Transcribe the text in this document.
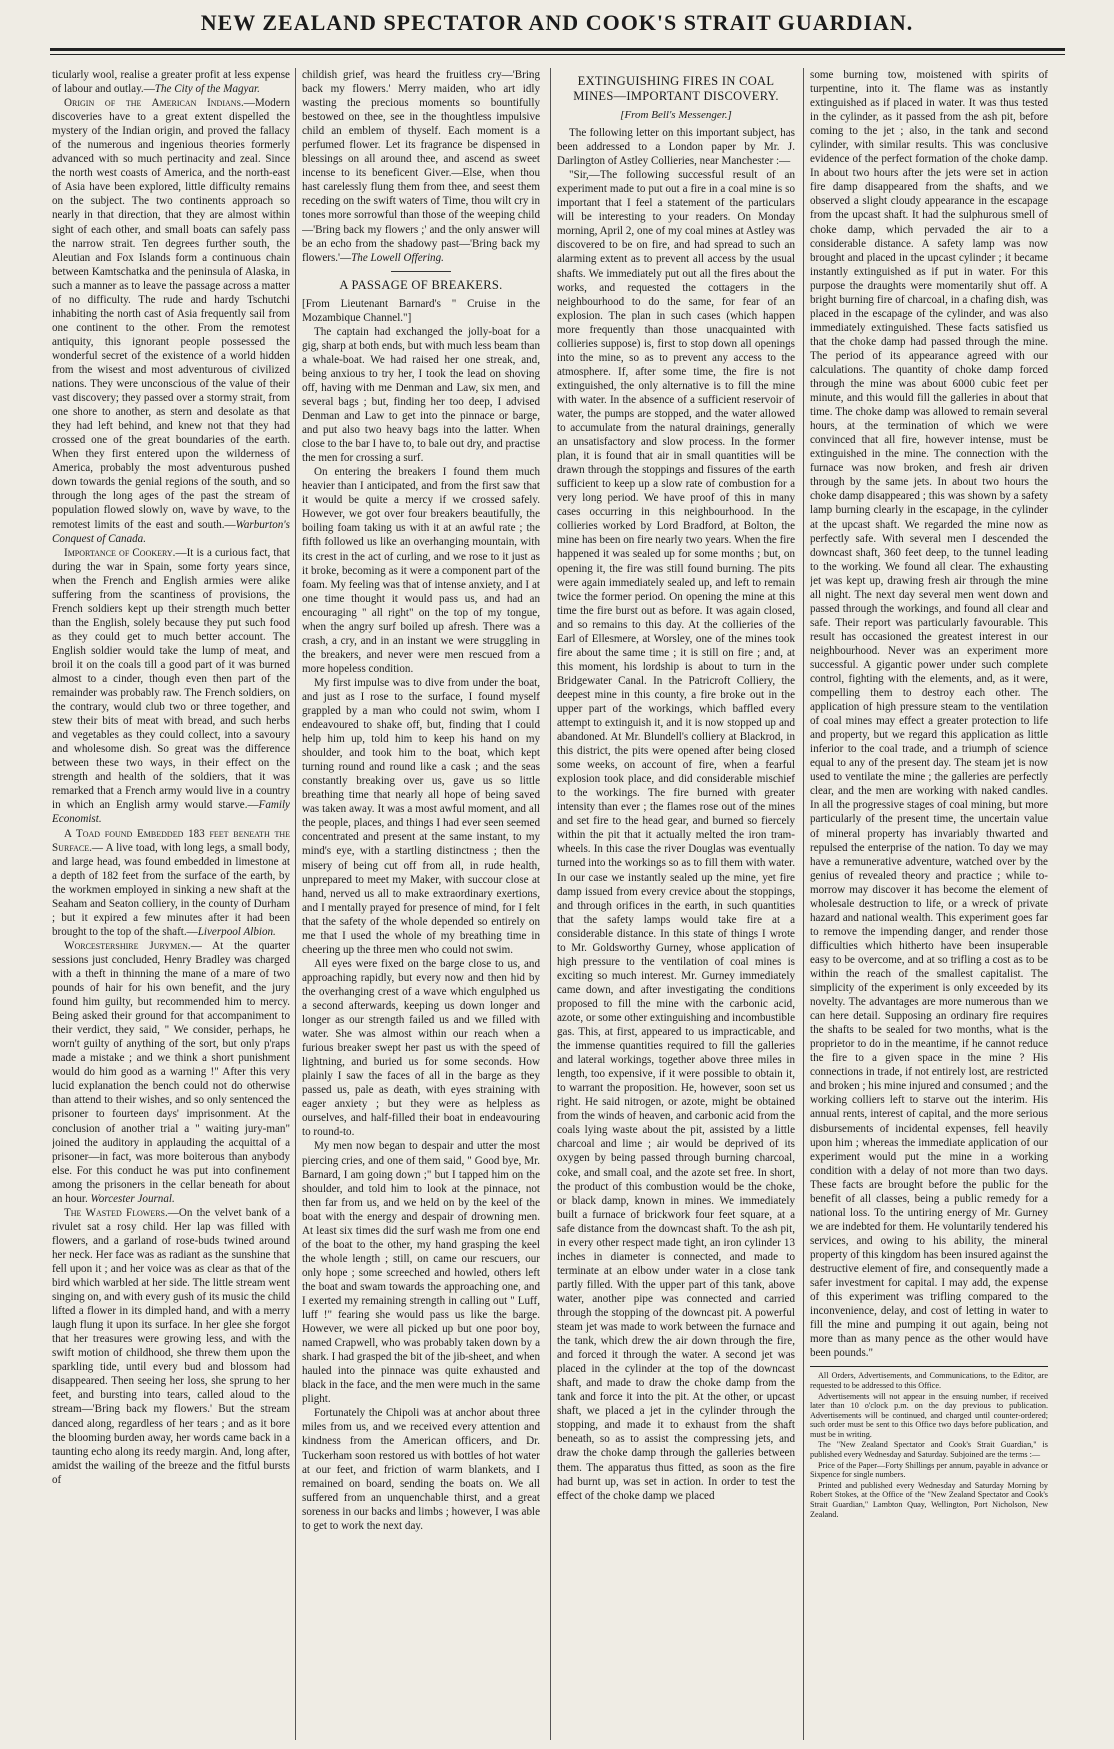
NEW ZEALAND SPECTATOR AND COOK'S STRAIT GUARDIAN.

ticularly wool, realise a greater profit at less expense of labour and outlay.—The City of the Magyar.

Origin of the American Indians.—Modern discoveries have to a great extent dispelled the mystery of the Indian origin, and proved the fallacy of the numerous and ingenious theories formerly advanced with so much pertinacity and zeal. Since the north west coasts of America, and the north-east of Asia have been explored, little difficulty remains on the subject. The two continents approach so nearly in that direction, that they are almost within sight of each other, and small boats can safely pass the narrow strait. Ten degrees further south, the Aleutian and Fox Islands form a continuous chain between Kamtschatka and the peninsula of Alaska, in such a manner as to leave the passage across a matter of no difficulty. The rude and hardy Tschutchi inhabiting the north cast of Asia frequently sail from one continent to the other. From the remotest antiquity, this ignorant people possessed the wonderful secret of the existence of a world hidden from the wisest and most adventurous of civilized nations. They were unconscious of the value of their vast discovery; they passed over a stormy strait, from one shore to another, as stern and desolate as that they had left behind, and knew not that they had crossed one of the great boundaries of the earth. When they first entered upon the wilderness of America, probably the most adventurous pushed down towards the genial regions of the south, and so through the long ages of the past the stream of population flowed slowly on, wave by wave, to the remotest limits of the east and south.—Warburton's Conquest of Canada.

Importance of Cookery.—It is a curious fact, that during the war in Spain, some forty years since, when the French and English armies were alike suffering from the scantiness of provisions, the French soldiers kept up their strength much better than the English, solely because they put such food as they could get to much better account. The English soldier would take the lump of meat, and broil it on the coals till a good part of it was burned almost to a cinder, though even then part of the remainder was probably raw. The French soldiers, on the contrary, would club two or three together, and stew their bits of meat with bread, and such herbs and vegetables as they could collect, into a savoury and wholesome dish. So great was the difference between these two ways, in their effect on the strength and health of the soldiers, that it was remarked that a French army would live in a country in which an English army would starve.—Family Economist.

A Toad found Embedded 183 feet beneath the Surface.— A live toad, with long legs, a small body, and large head, was found embedded in limestone at a depth of 182 feet from the surface of the earth, by the workmen employed in sinking a new shaft at the Seaham and Seaton colliery, in the county of Durham ; but it expired a few minutes after it had been brought to the top of the shaft.—Liverpool Albion.

Worcestershire Jurymen.— At the quarter sessions just concluded, Henry Bradley was charged with a theft in thinning the mane of a mare of two pounds of hair for his own benefit, and the jury found him guilty, but recommended him to mercy. Being asked their ground for that accompaniment to their verdict, they said, " We consider, perhaps, he worn't guilty of anything of the sort, but only p'raps made a mistake ; and we think a short punishment would do him good as a warning !" After this very lucid explanation the bench could not do otherwise than attend to their wishes, and so only sentenced the prisoner to fourteen days' imprisonment. At the conclusion of another trial a " waiting jury-man" joined the auditory in applauding the acquittal of a prisoner—in fact, was more boiterous than anybody else. For this conduct he was put into confinement among the prisoners in the cellar beneath for about an hour. Worcester Journal.

The Wasted Flowers.—On the velvet bank of a rivulet sat a rosy child. Her lap was filled with flowers, and a garland of rose-buds twined around her neck. Her face was as radiant as the sunshine that fell upon it ; and her voice was as clear as that of the bird which warbled at her side. The little stream went singing on, and with every gush of its music the child lifted a flower in its dimpled hand, and with a merry laugh flung it upon its surface. In her glee she forgot that her treasures were growing less, and with the swift motion of childhood, she threw them upon the sparkling tide, until every bud and blossom had disappeared. Then seeing her loss, she sprung to her feet, and bursting into tears, called aloud to the stream—'Bring back my flowers.' But the stream danced along, regardless of her tears ; and as it bore the blooming burden away, her words came back in a taunting echo along its reedy margin. And, long after, amidst the wailing of the breeze and the fitful bursts of

childish grief, was heard the fruitless cry—'Bring back my flowers.' Merry maiden, who art idly wasting the precious moments so bountifully bestowed on thee, see in the thoughtless impulsive child an emblem of thyself. Each moment is a perfumed flower. Let its fragrance be dispensed in blessings on all around thee, and ascend as sweet incense to its beneficent Giver.—Else, when thou hast carelessly flung them from thee, and seest them receding on the swift waters of Time, thou wilt cry in tones more sorrowful than those of the weeping child—'Bring back my flowers ;' and the only answer will be an echo from the shadowy past—'Bring back my flowers.'—The Lowell Offering.

A PASSAGE OF BREAKERS.

[From Lieutenant Barnard's " Cruise in the Mozambique Channel."]

The captain had exchanged the jolly-boat for a gig, sharp at both ends, but with much less beam than a whale-boat. We had raised her one streak, and, being anxious to try her, I took the lead on shoving off, having with me Denman and Law, six men, and several bags ; but, finding her too deep, I advised Denman and Law to get into the pinnace or barge, and put also two heavy bags into the latter. When close to the bar I have to, to bale out dry, and practise the men for crossing a surf.

On entering the breakers I found them much heavier than I anticipated, and from the first saw that it would be quite a mercy if we crossed safely. However, we got over four breakers beautifully, the boiling foam taking us with it at an awful rate ; the fifth followed us like an overhanging mountain, with its crest in the act of curling, and we rose to it just as it broke, becoming as it were a component part of the foam. My feeling was that of intense anxiety, and I at one time thought it would pass us, and had an encouraging " all right" on the top of my tongue, when the angry surf boiled up afresh. There was a crash, a cry, and in an instant we were struggling in the breakers, and never were men rescued from a more hopeless condition.

My first impulse was to dive from under the boat, and just as I rose to the surface, I found myself grappled by a man who could not swim, whom I endeavoured to shake off, but, finding that I could help him up, told him to keep his hand on my shoulder, and took him to the boat, which kept turning round and round like a cask ; and the seas constantly breaking over us, gave us so little breathing time that nearly all hope of being saved was taken away. It was a most awful moment, and all the people, places, and things I had ever seen seemed concentrated and present at the same instant, to my mind's eye, with a startling distinctness ; then the misery of being cut off from all, in rude health, unprepared to meet my Maker, with succour close at hand, nerved us all to make extraordinary exertions, and I mentally prayed for presence of mind, for I felt that the safety of the whole depended so entirely on me that I used the whole of my breathing time in cheering up the three men who could not swim.

All eyes were fixed on the barge close to us, and approaching rapidly, but every now and then hid by the overhanging crest of a wave which engulphed us a second afterwards, keeping us down longer and longer as our strength failed us and we filled with water. She was almost within our reach when a furious breaker swept her past us with the speed of lightning, and buried us for some seconds. How plainly I saw the faces of all in the barge as they passed us, pale as death, with eyes straining with eager anxiety ; but they were as helpless as ourselves, and half-filled their boat in endeavouring to round-to.

My men now began to despair and utter the most piercing cries, and one of them said, " Good bye, Mr. Barnard, I am going down ;" but I tapped him on the shoulder, and told him to look at the pinnace, not then far from us, and we held on by the keel of the boat with the energy and despair of drowning men. At least six times did the surf wash me from one end of the boat to the other, my hand grasping the keel the whole length ; still, on came our rescuers, our only hope ; some screeched and howled, others left the boat and swam towards the approaching one, and I exerted my remaining strength in calling out " Luff, luff !" fearing she would pass us like the barge. However, we were all picked up but one poor boy, named Crapwell, who was probably taken down by a shark. I had grasped the bit of the jib-sheet, and when hauled into the pinnace was quite exhausted and black in the face, and the men were much in the same plight.

Fortunately the Chipoli was at anchor about three miles from us, and we received every attention and kindness from the American officers, and Dr. Tuckerham soon restored us with bottles of hot water at our feet, and friction of warm blankets, and I remained on board, sending the boats on. We all suffered from an unquenchable thirst, and a great soreness in our backs and limbs ; however, I was able to get to work the next day.

EXTINGUISHING FIRES IN COAL MINES—IMPORTANT DISCOVERY.
[From Bell's Messenger.]

The following letter on this important subject, has been addressed to a London paper by Mr. J. Darlington of Astley Collieries, near Manchester :—

"Sir,—The following successful result of an experiment made to put out a fire in a coal mine is so important that I feel a statement of the particulars will be interesting to your readers. On Monday morning, April 2, one of my coal mines at Astley was discovered to be on fire, and had spread to such an alarming extent as to prevent all access by the usual shafts. We immediately put out all the fires about the works, and requested the cottagers in the neighbourhood to do the same, for fear of an explosion. The plan in such cases (which happen more frequently than those unacquainted with collieries suppose) is, first to stop down all openings into the mine, so as to prevent any access to the atmosphere. If, after some time, the fire is not extinguished, the only alternative is to fill the mine with water. In the absence of a sufficient reservoir of water, the pumps are stopped, and the water allowed to accumulate from the natural drainings, generally an unsatisfactory and slow process. In the former plan, it is found that air in small quantities will be drawn through the stoppings and fissures of the earth sufficient to keep up a slow rate of combustion for a very long period. We have proof of this in many cases occurring in this neighbourhood. In the collieries worked by Lord Bradford, at Bolton, the mine has been on fire nearly two years. When the fire happened it was sealed up for some months ; but, on opening it, the fire was still found burning. The pits were again immediately sealed up, and left to remain twice the former period. On opening the mine at this time the fire burst out as before. It was again closed, and so remains to this day. At the collieries of the Earl of Ellesmere, at Worsley, one of the mines took fire about the same time ; it is still on fire ; and, at this moment, his lordship is about to turn in the Bridgewater Canal. In the Patricroft Colliery, the deepest mine in this county, a fire broke out in the upper part of the workings, which baffled every attempt to extinguish it, and it is now stopped up and abandoned. At Mr. Blundell's colliery at Blackrod, in this district, the pits were opened after being closed some weeks, on account of fire, when a fearful explosion took place, and did considerable mischief to the workings. The fire burned with greater intensity than ever ; the flames rose out of the mines and set fire to the head gear, and burned so fiercely within the pit that it actually melted the iron tram-wheels. In this case the river Douglas was eventually turned into the workings so as to fill them with water. In our case we instantly sealed up the mine, yet fire damp issued from every crevice about the stoppings, and through orifices in the earth, in such quantities that the safety lamps would take fire at a considerable distance. In this state of things I wrote to Mr. Goldsworthy Gurney, whose application of high pressure to the ventilation of coal mines is exciting so much interest. Mr. Gurney immediately came down, and after investigating the conditions proposed to fill the mine with the carbonic acid, azote, or some other extinguishing and incombustible gas. This, at first, appeared to us impracticable, and the immense quantities required to fill the galleries and lateral workings, together above three miles in length, too expensive, if it were possible to obtain it, to warrant the proposition. He, however, soon set us right. He said nitrogen, or azote, might be obtained from the winds of heaven, and carbonic acid from the coals lying waste about the pit, assisted by a little charcoal and lime ; air would be deprived of its oxygen by being passed through burning charcoal, coke, and small coal, and the azote set free. In short, the product of this combustion would be the choke, or black damp, known in mines. We immediately built a furnace of brickwork four feet square, at a safe distance from the downcast shaft. To the ash pit, in every other respect made tight, an iron cylinder 13 inches in diameter is connected, and made to terminate at an elbow under water in a close tank partly filled. With the upper part of this tank, above water, another pipe was connected and carried through the stopping of the downcast pit. A powerful steam jet was made to work between the furnace and the tank, which drew the air down through the fire, and forced it through the water. A second jet was placed in the cylinder at the top of the downcast shaft, and made to draw the choke damp from the tank and force it into the pit. At the other, or upcast shaft, we placed a jet in the cylinder through the stopping, and made it to exhaust from the shaft beneath, so as to assist the compressing jets, and draw the choke damp through the galleries between them. The apparatus thus fitted, as soon as the fire had burnt up, was set in action. In order to test the effect of the choke damp we placed

some burning tow, moistened with spirits of turpentine, into it. The flame was as instantly extinguished as if placed in water. It was thus tested in the cylinder, as it passed from the ash pit, before coming to the jet ; also, in the tank and second cylinder, with similar results. This was conclusive evidence of the perfect formation of the choke damp. In about two hours after the jets were set in action fire damp disappeared from the shafts, and we observed a slight cloudy appearance in the escapage from the upcast shaft. It had the sulphurous smell of choke damp, which pervaded the air to a considerable distance. A safety lamp was now brought and placed in the upcast cylinder ; it became instantly extinguished as if put in water. For this purpose the draughts were momentarily shut off. A bright burning fire of charcoal, in a chafing dish, was placed in the escapage of the cylinder, and was also immediately extinguished. These facts satisfied us that the choke damp had passed through the mine. The period of its appearance agreed with our calculations. The quantity of choke damp forced through the mine was about 6000 cubic feet per minute, and this would fill the galleries in about that time. The choke damp was allowed to remain several hours, at the termination of which we were convinced that all fire, however intense, must be extinguished in the mine. The connection with the furnace was now broken, and fresh air driven through by the same jets. In about two hours the choke damp disappeared ; this was shown by a safety lamp burning clearly in the escapage, in the cylinder at the upcast shaft. We regarded the mine now as perfectly safe. With several men I descended the downcast shaft, 360 feet deep, to the tunnel leading to the working. We found all clear. The exhausting jet was kept up, drawing fresh air through the mine all night. The next day several men went down and passed through the workings, and found all clear and safe. Their report was particularly favourable. This result has occasioned the greatest interest in our neighbourhood. Never was an experiment more successful. A gigantic power under such complete control, fighting with the elements, and, as it were, compelling them to destroy each other. The application of high pressure steam to the ventilation of coal mines may effect a greater protection to life and property, but we regard this application as little inferior to the coal trade, and a triumph of science equal to any of the present day. The steam jet is now used to ventilate the mine ; the galleries are perfectly clear, and the men are working with naked candles. In all the progressive stages of coal mining, but more particularly of the present time, the uncertain value of mineral property has invariably thwarted and repulsed the enterprise of the nation. To day we may have a remunerative adventure, watched over by the genius of revealed theory and practice ; while to-morrow may discover it has become the element of wholesale destruction to life, or a wreck of private hazard and national wealth. This experiment goes far to remove the impending danger, and render those difficulties which hitherto have been insuperable easy to be overcome, and at so trifling a cost as to be within the reach of the smallest capitalist. The simplicity of the experiment is only exceeded by its novelty. The advantages are more numerous than we can here detail. Supposing an ordinary fire requires the shafts to be sealed for two months, what is the proprietor to do in the meantime, if he cannot reduce the fire to a given space in the mine ? His connections in trade, if not entirely lost, are restricted and broken ; his mine injured and consumed ; and the working colliers left to starve out the interim. His annual rents, interest of capital, and the more serious disbursements of incidental expenses, fell heavily upon him ; whereas the immediate application of our experiment would put the mine in a working condition with a delay of not more than two days. These facts are brought before the public for the benefit of all classes, being a public remedy for a national loss. To the untiring energy of Mr. Gurney we are indebted for them. He voluntarily tendered his services, and owing to his ability, the mineral property of this kingdom has been insured against the destructive element of fire, and consequently made a safer investment for capital. I may add, the expense of this experiment was trifling compared to the inconvenience, delay, and cost of letting in water to fill the mine and pumping it out again, being not more than as many pence as the other would have been pounds."

All Orders, Advertisements, and Communications, to the Editor, are requested to be addressed to this Office.

Advertisements will not appear in the ensuing number, if received later than 10 o'clock p.m. on the day previous to publication. Advertisements will be continued, and charged until counter-ordered; such order must be sent to this Office two days before publication, and must be in writing.

The "New Zealand Spectator and Cook's Strait Guardian," is published every Wednesday and Saturday. Subjoined are the terms :—

Price of the Paper—Forty Shillings per annum, payable in advance or Sixpence for single numbers.

Printed and published every Wednesday and Saturday Morning by Robert Stokes, at the Office of the "New Zealand Spectator and Cook's Strait Guardian," Lambton Quay, Wellington, Port Nicholson, New Zealand.
